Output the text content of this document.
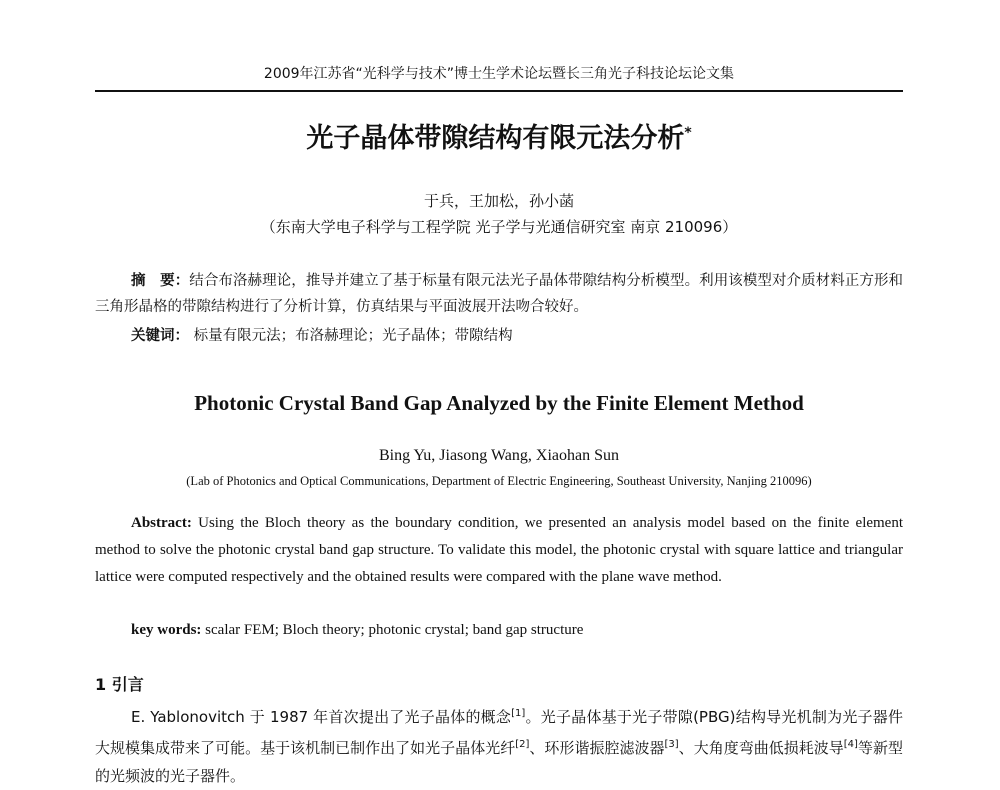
2009年江苏省“光科学与技术”博士生学术论坛暨长三角光子科技论坛论文集
光子晶体带隙结构有限元法分析*
于兵，王加松，孙小菡
（东南大学电子科学与工程学院 光子学与光通信研究室 南京 210096）
摘　要：结合布洛赫理论，推导并建立了基于标量有限元法光子晶体带隙结构分析模型。利用该模型对介质材料正方形和三角形晶格的带隙结构进行了分析计算，仿真结果与平面波展开法吻合较好。
关键词： 标量有限元法；布洛赫理论；光子晶体；带隙结构
Photonic Crystal Band Gap Analyzed by the Finite Element Method
Bing Yu, Jiasong Wang, Xiaohan Sun
(Lab of Photonics and Optical Communications, Department of Electric Engineering, Southeast University, Nanjing 210096)
Abstract: Using the Bloch theory as the boundary condition, we presented an analysis model based on the finite element method to solve the photonic crystal band gap structure. To validate this model, the photonic crystal with square lattice and triangular lattice were computed respectively and the obtained results were compared with the plane wave method.
key words: scalar FEM; Bloch theory; photonic crystal; band gap structure
1 引言
E. Yablonovitch 于 1987 年首次提出了光子晶体的概念[1]。光子晶体基于光子带隙(PBG)结构导光机制为光子器件大规模集成带来了可能。基于该机制已制作出了如光子晶体光纤[2]、环形谐振腔滤波器[3]、大角度弯曲低损耗波导[4]等新型的光频波的光子器件。
